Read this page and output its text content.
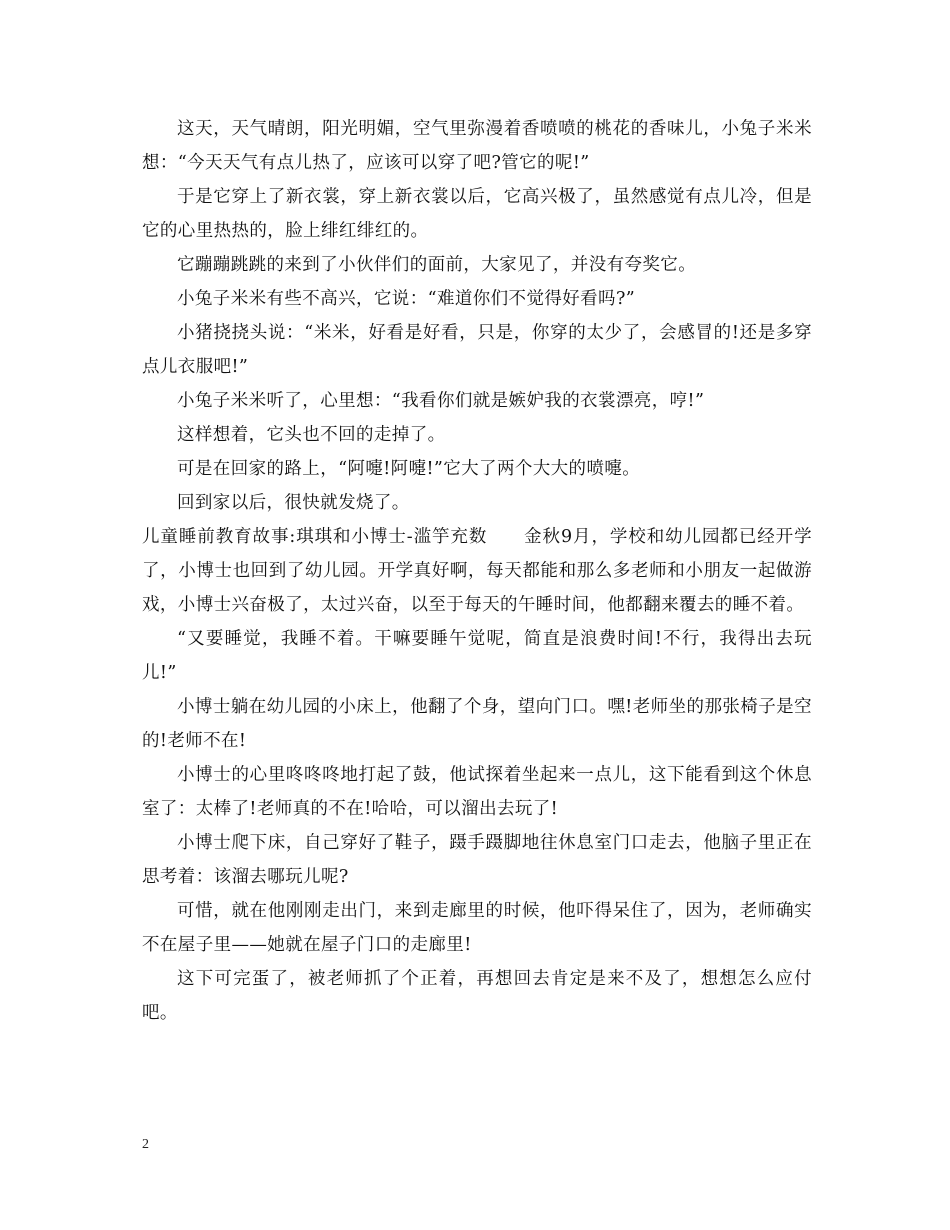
这天，天气晴朗，阳光明媚，空气里弥漫着香喷喷的桃花的香味儿，小兔子米米想：“今天天气有点儿热了，应该可以穿了吧?管它的呢!”

于是它穿上了新衣裳，穿上新衣裳以后，它高兴极了，虽然感觉有点儿冷，但是它的心里热热的，脸上绯红绯红的。

它蹦蹦跳跳的来到了小伙伴们的面前，大家见了，并没有夸奖它。

小兔子米米有些不高兴，它说：“难道你们不觉得好看吗?”

小猪挠挠头说：“米米，好看是好看，只是，你穿的太少了，会感冒的!还是多穿点儿衣服吧!”

小兔子米米听了，心里想：“我看你们就是嫉妒我的衣裳漂亮，哼!”

这样想着，它头也不回的走掉了。

可是在回家的路上，“阿嚏!阿嚏!”它大了两个大大的喷嚏。

回到家以后，很快就发烧了。

儿童睡前教育故事:琪琪和小博士-滥竽充数　　金秋9月，学校和幼儿园都已经开学了，小博士也回到了幼儿园。开学真好啊，每天都能和那么多老师和小朋友一起做游戏，小博士兴奋极了，太过兴奋，以至于每天的午睡时间，他都翻来覆去的睡不着。

“又要睡觉，我睡不着。干嘛要睡午觉呢，简直是浪费时间!不行，我得出去玩儿!”

小博士躺在幼儿园的小床上，他翻了个身，望向门口。嘿!老师坐的那张椅子是空的!老师不在!

小博士的心里咚咚咚地打起了鼓，他试探着坐起来一点儿，这下能看到这个休息室了：太棒了!老师真的不在!哈哈，可以溜出去玩了!

小博士爬下床，自己穿好了鞋子，蹑手蹑脚地往休息室门口走去，他脑子里正在思考着：该溜去哪玩儿呢?

可惜，就在他刚刚走出门，来到走廊里的时候，他吓得呆住了，因为，老师确实不在屋子里——她就在屋子门口的走廊里!

这下可完蛋了，被老师抓了个正着，再想回去肯定是来不及了，想想怎么应付吧。

2
